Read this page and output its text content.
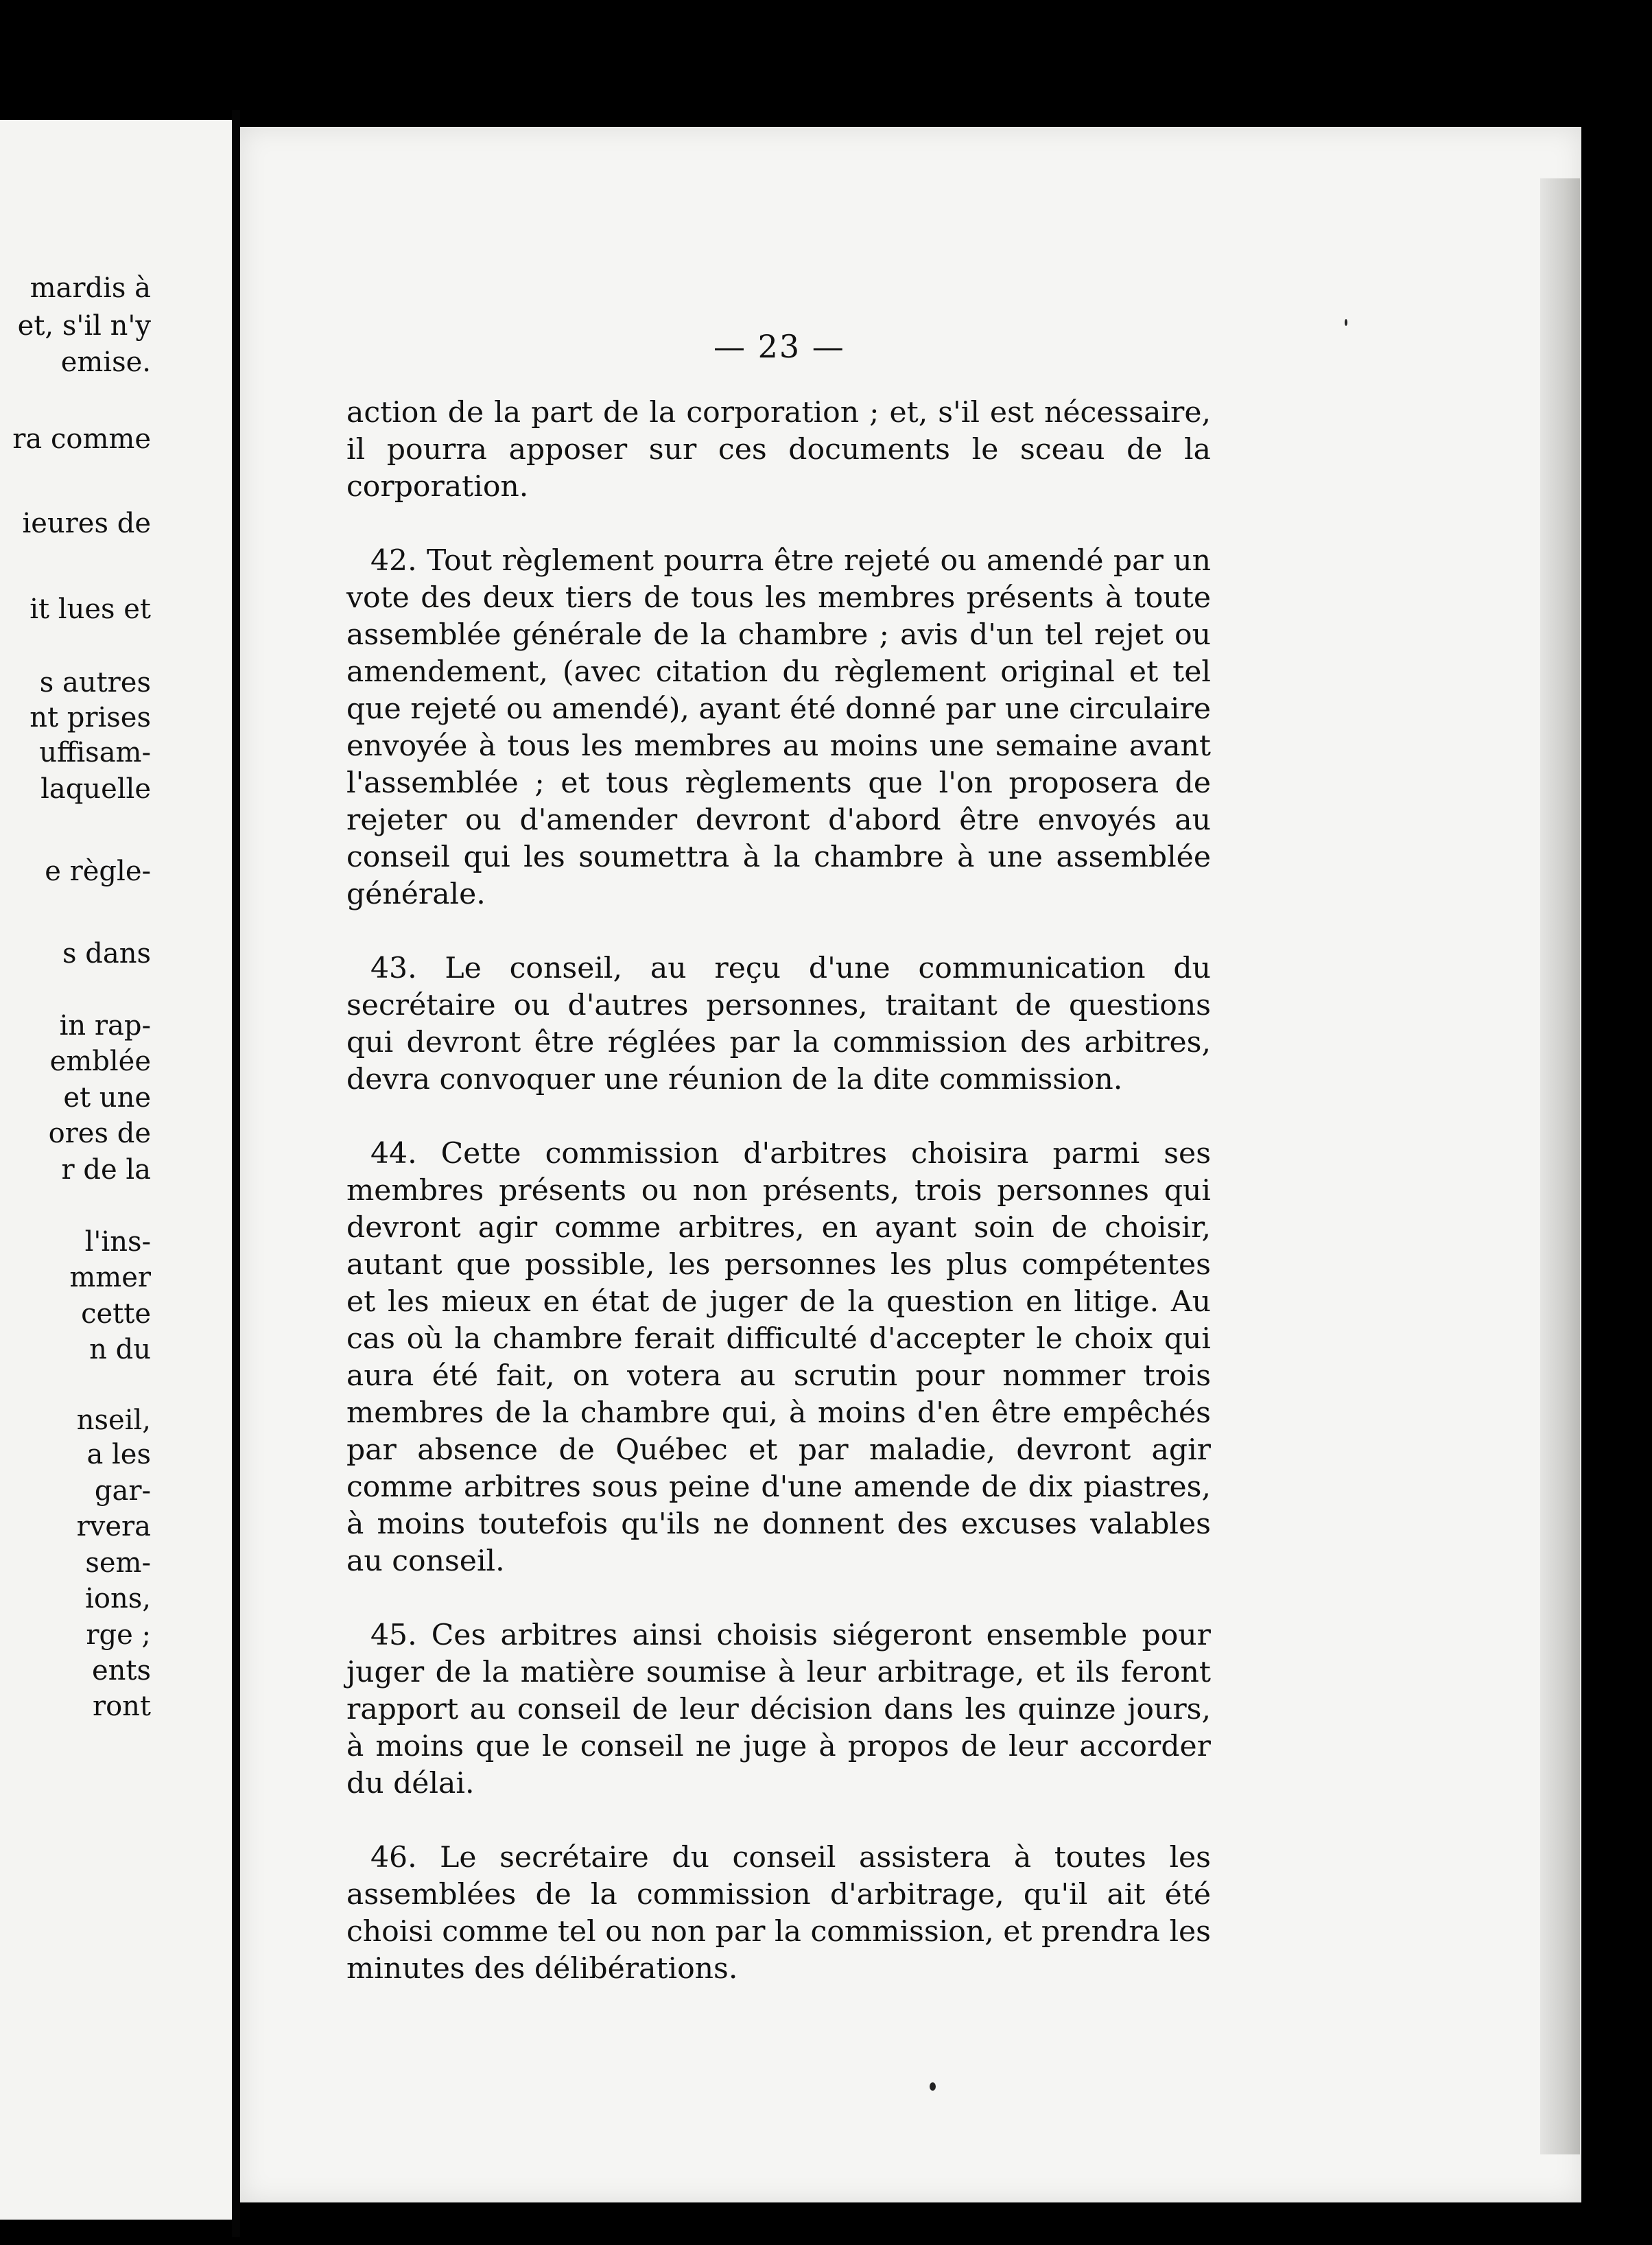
mardis à
et, s'il n'y
emise.
ra comme
ieures de
it lues et
s autres
nt prises
uffisam-
laquelle
e règle-
s dans
in rap-
emblée
et une
ores de
r de la
l'ins-
mmer
cette
n du
nseil,
a les
gar-
rvera
sem-
ions,
rge ;
ents
ront
— 23 —

action de la part de la corporation ; et, s'il est nécessaire, il pourra apposer sur ces documents le sceau de la corporation.

42. Tout règlement pourra être rejeté ou amendé par un vote des deux tiers de tous les membres présents à toute assemblée générale de la chambre ; avis d'un tel rejet ou amendement, (avec citation du règlement original et tel que rejeté ou amendé), ayant été donné par une circulaire envoyée à tous les membres au moins une semaine avant l'assemblée ; et tous règlements que l'on proposera de rejeter ou d'amender devront d'abord être envoyés au conseil qui les soumettra à la chambre à une assemblée générale.

43. Le conseil, au reçu d'une communication du secrétaire ou d'autres personnes, traitant de questions qui devront être réglées par la commission des arbitres, devra convoquer une réunion de la dite commission.

44. Cette commission d'arbitres choisira parmi ses membres présents ou non présents, trois personnes qui devront agir comme arbitres, en ayant soin de choisir, autant que possible, les personnes les plus compétentes et les mieux en état de juger de la question en litige. Au cas où la chambre ferait difficulté d'accepter le choix qui aura été fait, on votera au scrutin pour nommer trois membres de la chambre qui, à moins d'en être empêchés par absence de Québec et par maladie, devront agir comme arbitres sous peine d'une amende de dix piastres, à moins toutefois qu'ils ne donnent des excuses valables au conseil.

45. Ces arbitres ainsi choisis siégeront ensemble pour juger de la matière soumise à leur arbitrage, et ils feront rapport au conseil de leur décision dans les quinze jours, à moins que le conseil ne juge à propos de leur accorder du délai.

46. Le secrétaire du conseil assistera à toutes les assemblées de la commission d'arbitrage, qu'il ait été choisi comme tel ou non par la commission, et prendra les minutes des délibérations.
